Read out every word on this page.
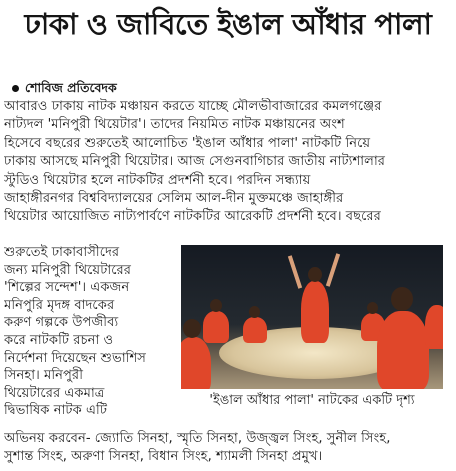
ঢাকা ও জাবিতে ইঙাল আঁধার পালা
শোবিজ প্রতিবেদক
আবারও ঢাকায় নাটক মঞ্চায়ন করতে যাচ্ছে মৌলভীবাজারের কমলগঞ্জের
নাট্যদল 'মনিপুরী থিয়েটার'। তাদের নিয়মিত নাটক মঞ্চায়নের অংশ
হিসেবে বছরের শুরুতেই আলোচিত 'ইঙাল আঁধার পালা' নাটকটি নিয়ে
ঢাকায় আসছে মনিপুরী থিয়েটার। আজ সেগুনবাগিচার জাতীয় নাট্যশালার
স্টুডিও থিয়েটার হলে নাটকটির প্রদর্শনী হবে। পরদিন সন্ধ্যায়
জাহাঙ্গীরনগর বিশ্ববিদ্যালয়ের সেলিম আল-দীন মুক্তমঞ্চে জাহাঙ্গীর
থিয়েটার আয়োজিত নাট্যপার্বণে নাটকটির আরেকটি প্রদর্শনী হবে। বছরের
শুরুতেই ঢাকাবাসীদের
জন্য মনিপুরী থিয়েটারের
'শিল্পের সন্দেশ'। একজন
মনিপুরি মৃদঙ্গ বাদকের
করুণ গল্পকে উপজীব্য
করে নাটকটি রচনা ও
নির্দেশনা দিয়েছেন শুভাশিস
সিনহা। মনিপুরী
থিয়েটারের একমাত্র
দ্বিভাষিক নাটক এটি
'ইঙাল আঁধার পালা' নাটকের একটি দৃশ্য
অভিনয় করবেন- জ্যোতি সিনহা, স্মৃতি সিনহা, উজ্জ্বল সিংহ, সুনীল সিংহ,
সুশান্ত সিংহ, অরুণা সিনহা, বিধান সিংহ, শ্যামলী সিনহা প্রমুখ।
